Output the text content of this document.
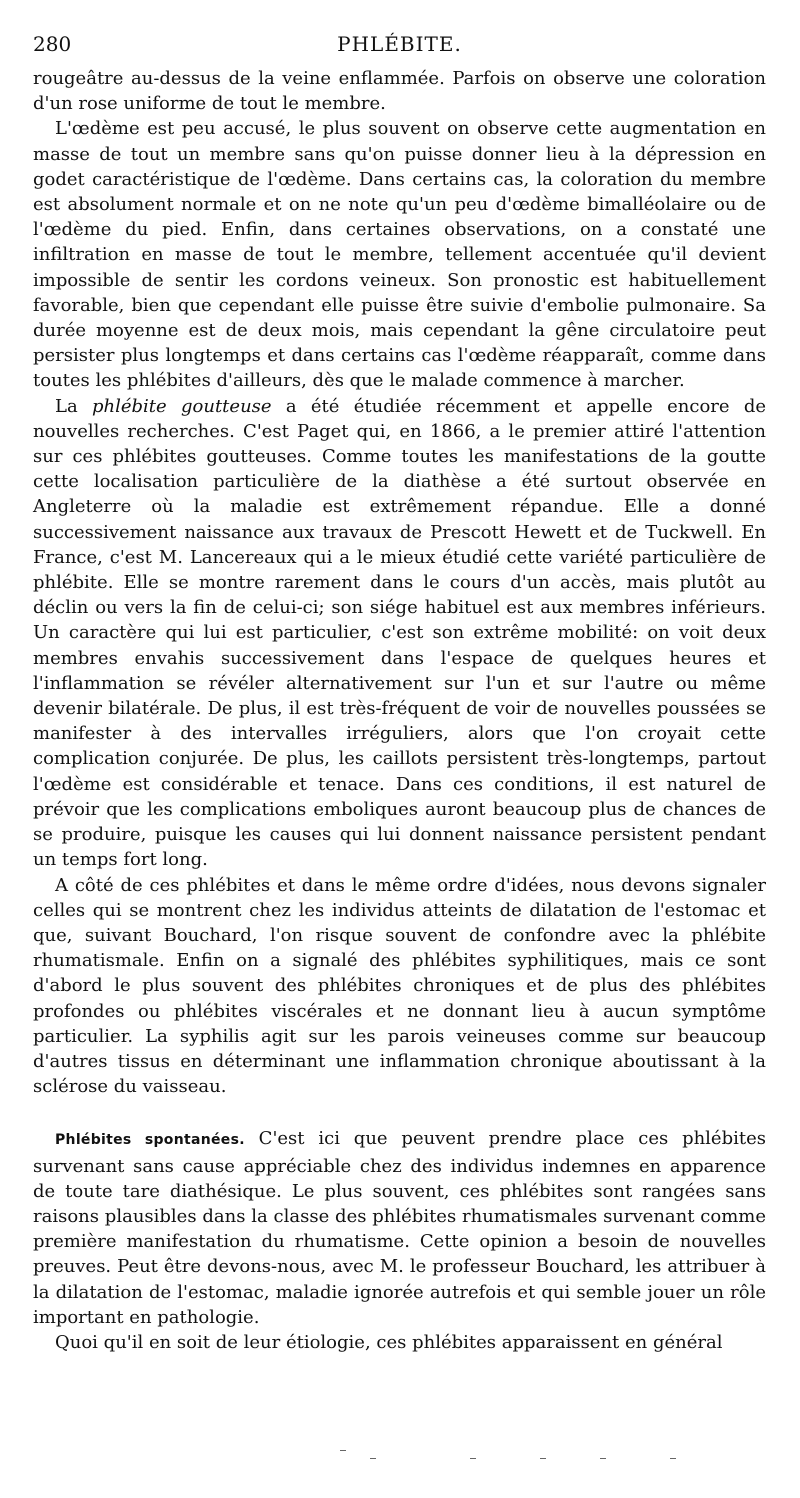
280	PHLÉBITE.

rougeâtre au-dessus de la veine enflammée. Parfois on observe une coloration d'un rose uniforme de tout le membre.

L'œdème est peu accusé, le plus souvent on observe cette augmentation en masse de tout un membre sans qu'on puisse donner lieu à la dépression en godet caractéristique de l'œdème. Dans certains cas, la coloration du membre est absolument normale et on ne note qu'un peu d'œdème bimalléolaire ou de l'œdème du pied. Enfin, dans certaines observations, on a constaté une infiltration en masse de tout le membre, tellement accentuée qu'il devient impossible de sentir les cordons veineux. Son pronostic est habituellement favorable, bien que cependant elle puisse être suivie d'embolie pulmonaire. Sa durée moyenne est de deux mois, mais cependant la gêne circulatoire peut persister plus longtemps et dans certains cas l'œdème réapparaît, comme dans toutes les phlébites d'ailleurs, dès que le malade commence à marcher.

La phlébite goutteuse a été étudiée récemment et appelle encore de nouvelles recherches. C'est Paget qui, en 1866, a le premier attiré l'attention sur ces phlébites goutteuses. Comme toutes les manifestations de la goutte cette localisation particulière de la diathèse a été surtout observée en Angleterre où la maladie est extrêmement répandue. Elle a donné successivement naissance aux travaux de Prescott Hewett et de Tuckwell. En France, c'est M. Lancereaux qui a le mieux étudié cette variété particulière de phlébite. Elle se montre rarement dans le cours d'un accès, mais plutôt au déclin ou vers la fin de celui-ci; son siége habituel est aux membres inférieurs. Un caractère qui lui est particulier, c'est son extrême mobilité: on voit deux membres envahis successivement dans l'espace de quelques heures et l'inflammation se révéler alternativement sur l'un et sur l'autre ou même devenir bilatérale. De plus, il est très-fréquent de voir de nouvelles poussées se manifester à des intervalles irréguliers, alors que l'on croyait cette complication conjurée. De plus, les caillots persistent très-longtemps, partout l'œdème est considérable et tenace. Dans ces conditions, il est naturel de prévoir que les complications emboliques auront beaucoup plus de chances de se produire, puisque les causes qui lui donnent naissance persistent pendant un temps fort long.

A côté de ces phlébites et dans le même ordre d'idées, nous devons signaler celles qui se montrent chez les individus atteints de dilatation de l'estomac et que, suivant Bouchard, l'on risque souvent de confondre avec la phlébite rhumatismale. Enfin on a signalé des phlébites syphilitiques, mais ce sont d'abord le plus souvent des phlébites chroniques et de plus des phlébites profondes ou phlébites viscérales et ne donnant lieu à aucun symptôme particulier. La syphilis agit sur les parois veineuses comme sur beaucoup d'autres tissus en déterminant une inflammation chronique aboutissant à la sclérose du vaisseau.

Phlébites spontanées. C'est ici que peuvent prendre place ces phlébites survenant sans cause appréciable chez des individus indemnes en apparence de toute tare diathésique. Le plus souvent, ces phlébites sont rangées sans raisons plausibles dans la classe des phlébites rhumatismales survenant comme première manifestation du rhumatisme. Cette opinion a besoin de nouvelles preuves. Peut être devons-nous, avec M. le professeur Bouchard, les attribuer à la dilatation de l'estomac, maladie ignorée autrefois et qui semble jouer un rôle important en pathologie.

Quoi qu'il en soit de leur étiologie, ces phlébites apparaissent en général
